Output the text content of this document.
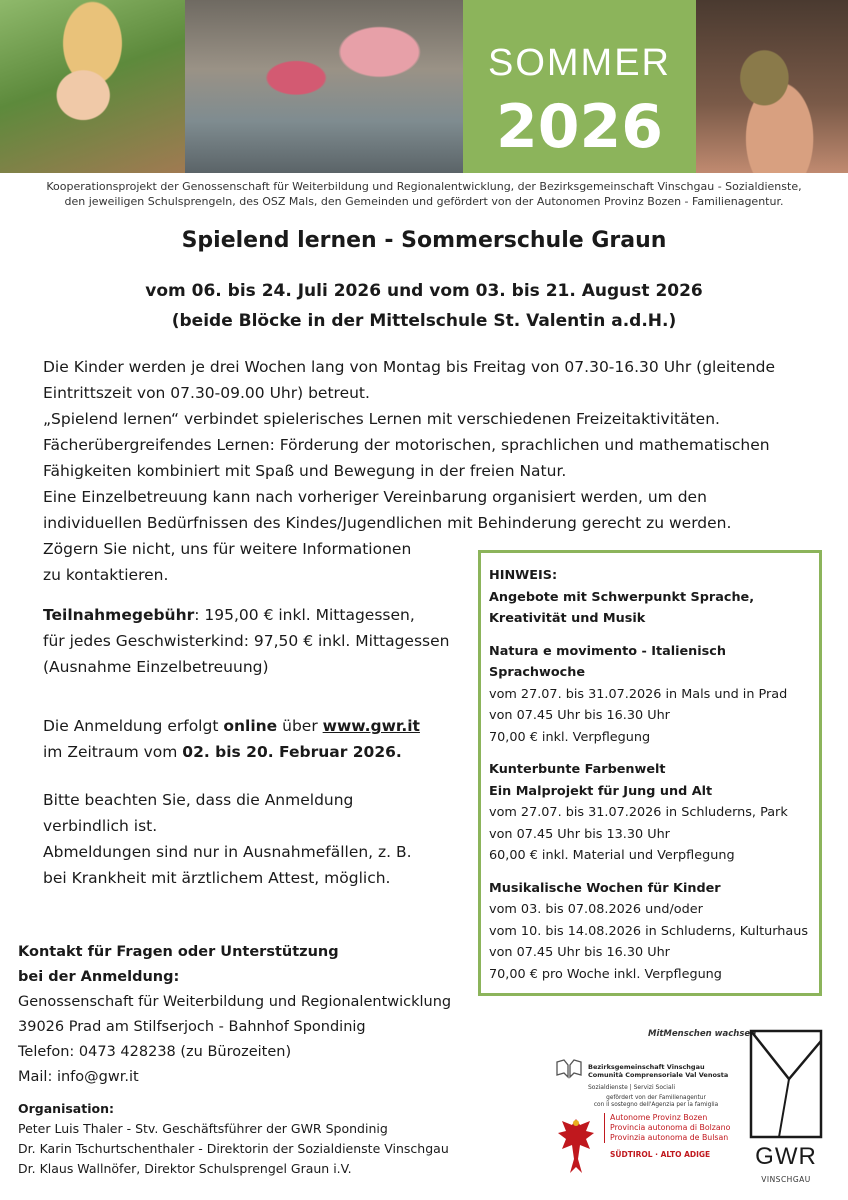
SOMMER
2026
Kooperationsprojekt der Genossenschaft für Weiterbildung und Regionalentwicklung, der Bezirksgemeinschaft Vinschgau - Sozialdienste,
den jeweiligen Schulsprengeln, des OSZ Mals, den Gemeinden und gefördert von der Autonomen Provinz Bozen - Familienagentur.
Spielend lernen - Sommerschule Graun
vom 06. bis 24. Juli 2026 und vom 03. bis 21. August 2026
(beide Blöcke in der Mittelschule St. Valentin a.d.H.)
Die Kinder werden je drei Wochen lang von Montag bis Freitag von 07.30-16.30 Uhr (gleitende
Eintrittszeit von 07.30-09.00 Uhr) betreut.
„Spielend lernen“ verbindet spielerisches Lernen mit verschiedenen Freizeitaktivitäten.
Fächerübergreifendes Lernen: Förderung der motorischen, sprachlichen und mathematischen
Fähigkeiten kombiniert mit Spaß und Bewegung in der freien Natur.
Eine Einzelbetreuung kann nach vorheriger Vereinbarung organisiert werden, um den
individuellen Bedürfnissen des Kindes/Jugendlichen mit Behinderung gerecht zu werden.
Zögern Sie nicht, uns für weitere Informationen
zu kontaktieren.
Teilnahmegebühr: 195,00 € inkl. Mittagessen,
für jedes Geschwisterkind: 97,50 € inkl. Mittagessen
(Ausnahme Einzelbetreuung)
Die Anmeldung erfolgt online über www.gwr.it
im Zeitraum vom 02. bis 20. Februar 2026.
Bitte beachten Sie, dass die Anmeldung
verbindlich ist.
Abmeldungen sind nur in Ausnahmefällen, z. B.
bei Krankheit mit ärztlichem Attest, möglich.
Kontakt für Fragen oder Unterstützung
bei der Anmeldung:
Genossenschaft für Weiterbildung und Regionalentwicklung
39026 Prad am Stilfserjoch - Bahnhof Spondinig
Telefon: 0473 428238 (zu Bürozeiten)
Mail: info@gwr.it
Organisation:
Peter Luis Thaler - Stv. Geschäftsführer der GWR Spondinig
Dr. Karin Tschurtschenthaler - Direktorin der Sozialdienste Vinschgau
Dr. Klaus Wallnöfer, Direktor Schulsprengel Graun i.V.
HINWEIS:
Angebote mit Schwerpunkt Sprache,
Kreativität und Musik
Natura e movimento - Italienisch
Sprachwoche
vom 27.07. bis 31.07.2026 in Mals und in Prad
von 07.45 Uhr bis 16.30 Uhr
70,00 € inkl. Verpflegung
Kunterbunte Farbenwelt
Ein Malprojekt für Jung und Alt
vom 27.07. bis 31.07.2026 in Schluderns, Park
von 07.45 Uhr bis 13.30 Uhr
60,00 € inkl. Material und Verpflegung
Musikalische Wochen für Kinder
vom 03. bis 07.08.2026 und/oder
vom 10. bis 14.08.2026 in Schluderns, Kulturhaus
von 07.45 Uhr bis 16.30 Uhr
70,00 € pro Woche inkl. Verpflegung
MitMenschen wachsen
GWR
VINSCHGAU
Bezirksgemeinschaft Vinschgau
Comunità Comprensoriale Val Venosta
Sozialdienste | Servizi Sociali
gefördert von der Familienagentur
con il sostegno dell'Agenzia per la famiglia
Autonome Provinz Bozen
Provincia autonoma di Bolzano
Provinzia autonoma de Bulsan
SÜDTIROL · ALTO ADIGE
